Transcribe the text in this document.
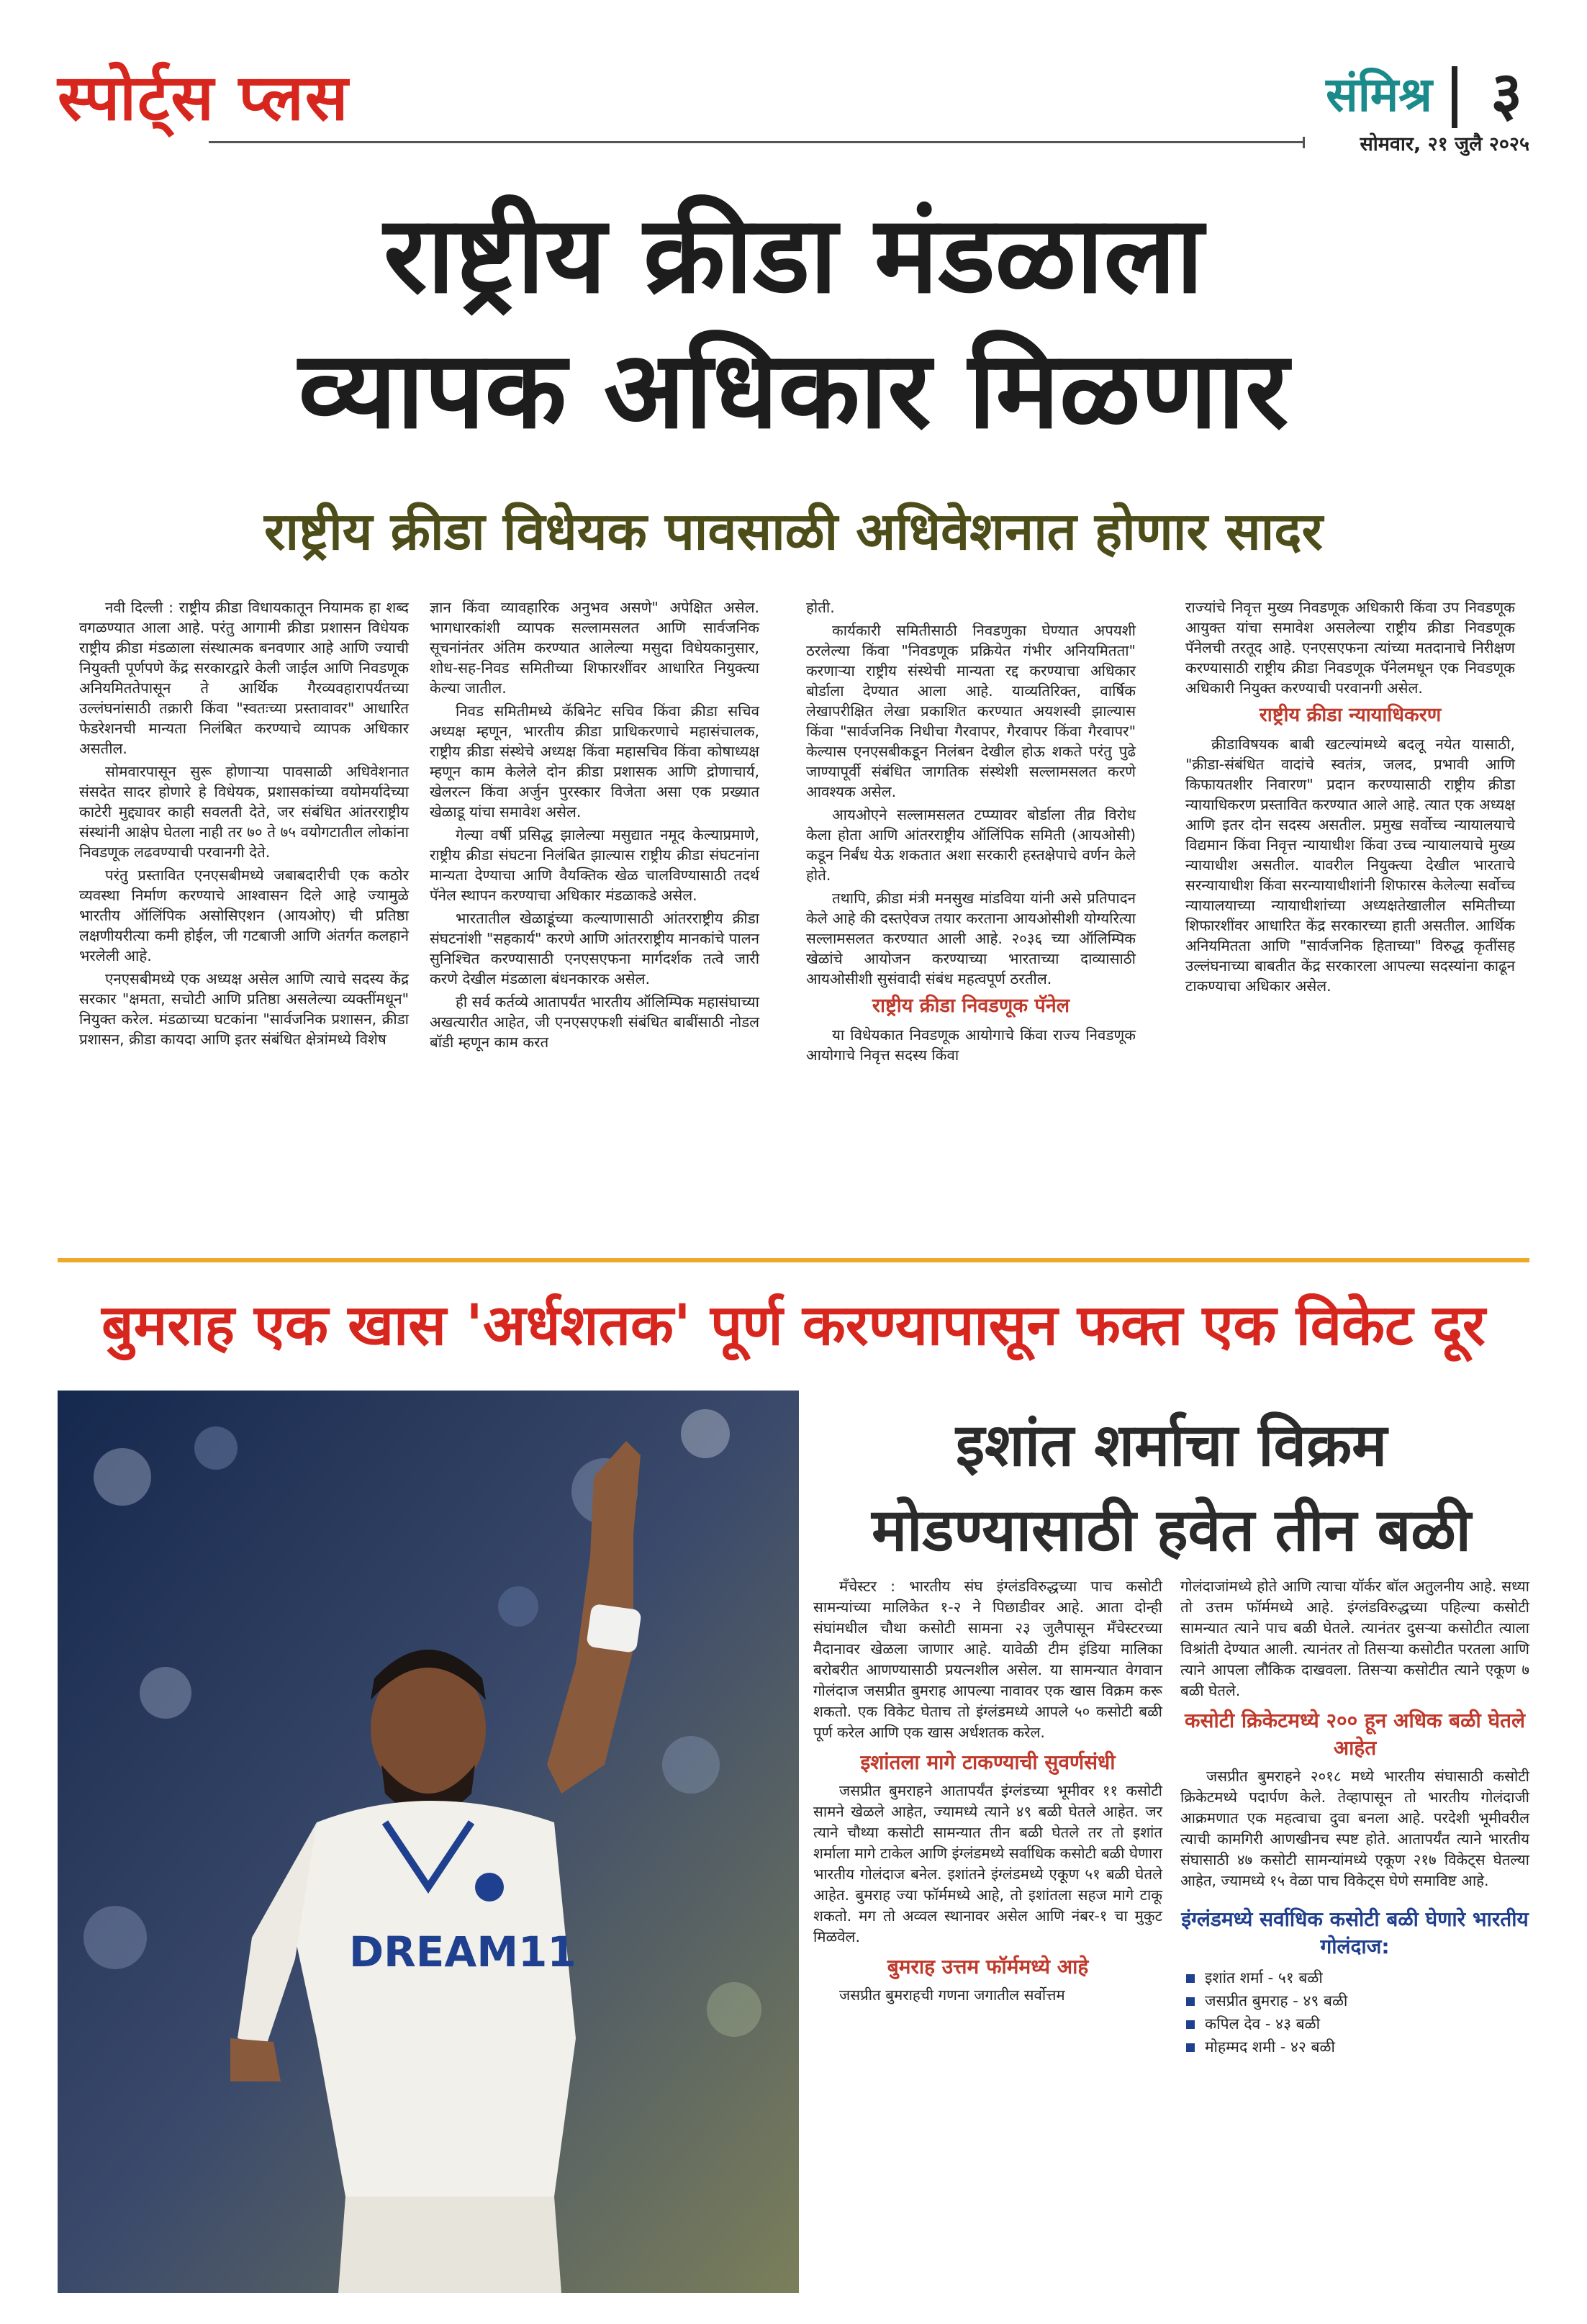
स्पोर्ट्स प्लस	संमिश्र ३
सोमवार, २१ जुलै २०२५
राष्ट्रीय क्रीडा मंडळाला
व्यापक अधिकार मिळणार
राष्ट्रीय क्रीडा विधेयक पावसाळी अधिवेशनात होणार सादर

नवी दिल्ली : राष्ट्रीय क्रीडा विधायकातून नियामक हा शब्द वगळण्यात आला आहे. परंतु आगामी क्रीडा प्रशासन विधेयक राष्ट्रीय क्रीडा मंडळाला संस्थात्मक बनवणार आहे आणि ज्याची नियुक्ती पूर्णपणे केंद्र सरकारद्वारे केली जाईल आणि निवडणूक अनियमिततेपासून ते आर्थिक गैरव्यवहारापर्यंतच्या उल्लंघनांसाठी तक्रारी किंवा "स्वतःच्या प्रस्तावावर" आधारित फेडरेशनची मान्यता निलंबित करण्याचे व्यापक अधिकार असतील.

सोमवारपासून सुरू होणाऱ्या पावसाळी अधिवेशनात संसदेत सादर होणारे हे विधेयक, प्रशासकांच्या वयोमर्यादेच्या काटेरी मुद्द्यावर काही सवलती देते, जर संबंधित आंतरराष्ट्रीय संस्थांनी आक्षेप घेतला नाही तर ७० ते ७५ वयोगटातील लोकांना निवडणूक लढवण्याची परवानगी देते.

परंतु प्रस्तावित एनएसबीमध्ये जबाबदारीची एक कठोर व्यवस्था निर्माण करण्याचे आश्वासन दिले आहे ज्यामुळे भारतीय ऑलिंपिक असोसिएशन (आयओए) ची प्रतिष्ठा लक्षणीयरीत्या कमी होईल, जी गटबाजी आणि अंतर्गत कलहाने भरलेली आहे.

एनएसबीमध्ये एक अध्यक्ष असेल आणि त्याचे सदस्य केंद्र सरकार "क्षमता, सचोटी आणि प्रतिष्ठा असलेल्या व्यक्तींमधून" नियुक्त करेल. मंडळाच्या घटकांना "सार्वजनिक प्रशासन, क्रीडा प्रशासन, क्रीडा कायदा आणि इतर संबंधित क्षेत्रांमध्ये विशेष

ज्ञान किंवा व्यावहारिक अनुभव असणे" अपेक्षित असेल. भागधारकांशी व्यापक सल्लामसलत आणि सार्वजनिक सूचनांनंतर अंतिम करण्यात आलेल्या मसुदा विधेयकानुसार, शोध-सह-निवड समितीच्या शिफारशींवर आधारित नियुक्त्या केल्या जातील.

निवड समितीमध्ये कॅबिनेट सचिव किंवा क्रीडा सचिव अध्यक्ष म्हणून, भारतीय क्रीडा प्राधिकरणाचे महासंचालक, राष्ट्रीय क्रीडा संस्थेचे अध्यक्ष किंवा महासचिव किंवा कोषाध्यक्ष म्हणून काम केलेले दोन क्रीडा प्रशासक आणि द्रोणाचार्य, खेलरत्न किंवा अर्जुन पुरस्कार विजेता असा एक प्रख्यात खेळाडू यांचा समावेश असेल.

गेल्या वर्षी प्रसिद्ध झालेल्या मसुद्यात नमूद केल्याप्रमाणे, राष्ट्रीय क्रीडा संघटना निलंबित झाल्यास राष्ट्रीय क्रीडा संघटनांना मान्यता देण्याचा आणि वैयक्तिक खेळ चालविण्यासाठी तदर्थ पॅनेल स्थापन करण्याचा अधिकार मंडळाकडे असेल.

भारतातील खेळाडूंच्या कल्याणासाठी आंतरराष्ट्रीय क्रीडा संघटनांशी "सहकार्य" करणे आणि आंतरराष्ट्रीय मानकांचे पालन सुनिश्चित करण्यासाठी एनएसएफना मार्गदर्शक तत्वे जारी करणे देखील मंडळाला बंधनकारक असेल.

ही सर्व कर्तव्ये आतापर्यंत भारतीय ऑलिम्पिक महासंघाच्या अखत्यारीत आहेत, जी एनएसएफशी संबंधित बाबींसाठी नोडल बॉडी म्हणून काम करत

होती.

कार्यकारी समितीसाठी निवडणुका घेण्यात अपयशी ठरलेल्या किंवा "निवडणूक प्रक्रियेत गंभीर अनियमितता" करणाऱ्या राष्ट्रीय संस्थेची मान्यता रद्द करण्याचा अधिकार बोर्डाला देण्यात आला आहे. याव्यतिरिक्त, वार्षिक लेखापरीक्षित लेखा प्रकाशित करण्यात अयशस्वी झाल्यास किंवा "सार्वजनिक निधीचा गैरवापर, गैरवापर किंवा गैरवापर" केल्यास एनएसबीकडून निलंबन देखील होऊ शकते परंतु पुढे जाण्यापूर्वी संबंधित जागतिक संस्थेशी सल्लामसलत करणे आवश्यक असेल.

आयओएने सल्लामसलत टप्प्यावर बोर्डाला तीव्र विरोध केला होता आणि आंतरराष्ट्रीय ऑलिंपिक समिती (आयओसी) कडून निर्बंध येऊ शकतात अशा सरकारी हस्तक्षेपाचे वर्णन केले होते.

तथापि, क्रीडा मंत्री मनसुख मांडविया यांनी असे प्रतिपादन केले आहे की दस्तऐवज तयार करताना आयओसीशी योग्यरित्या सल्लामसलत करण्यात आली आहे. २०३६ च्या ऑलिम्पिक खेळांचे आयोजन करण्याच्या भारताच्या दाव्यासाठी आयओसीशी सुसंवादी संबंध महत्वपूर्ण ठरतील.

राष्ट्रीय क्रीडा निवडणूक पॅनेल

या विधेयकात निवडणूक आयोगाचे किंवा राज्य निवडणूक आयोगाचे निवृत्त सदस्य किंवा

राज्यांचे निवृत्त मुख्य निवडणूक अधिकारी किंवा उप निवडणूक आयुक्त यांचा समावेश असलेल्या राष्ट्रीय क्रीडा निवडणूक पॅनेलची तरतूद आहे. एनएसएफना त्यांच्या मतदानाचे निरीक्षण करण्यासाठी राष्ट्रीय क्रीडा निवडणूक पॅनेलमधून एक निवडणूक अधिकारी नियुक्त करण्याची परवानगी असेल.

राष्ट्रीय क्रीडा न्यायाधिकरण

क्रीडाविषयक बाबी खटल्यांमध्ये बदलू नयेत यासाठी, "क्रीडा-संबंधित वादांचे स्वतंत्र, जलद, प्रभावी आणि किफायतशीर निवारण" प्रदान करण्यासाठी राष्ट्रीय क्रीडा न्यायाधिकरण प्रस्तावित करण्यात आले आहे. त्यात एक अध्यक्ष आणि इतर दोन सदस्य असतील. प्रमुख सर्वोच्च न्यायालयाचे विद्यमान किंवा निवृत्त न्यायाधीश किंवा उच्च न्यायालयाचे मुख्य न्यायाधीश असतील. यावरील नियुक्त्या देखील भारताचे सरन्यायाधीश किंवा सरन्यायाधीशांनी शिफारस केलेल्या सर्वोच्च न्यायालयाच्या न्यायाधीशांच्या अध्यक्षतेखालील समितीच्या शिफारशींवर आधारित केंद्र सरकारच्या हाती असतील. आर्थिक अनियमितता आणि "सार्वजनिक हिताच्या" विरुद्ध कृतींसह उल्लंघनाच्या बाबतीत केंद्र सरकारला आपल्या सदस्यांना काढून टाकण्याचा अधिकार असेल.

बुमराह एक खास 'अर्धशतक' पूर्ण करण्यापासून फक्त एक विकेट दूर
DREAM11
इशांत शर्माचा विक्रम
मोडण्यासाठी हवेत तीन बळी

मँचेस्टर : भारतीय संघ इंग्लंडविरुद्धच्या पाच कसोटी सामन्यांच्या मालिकेत १-२ ने पिछाडीवर आहे. आता दोन्ही संघांमधील चौथा कसोटी सामना २३ जुलैपासून मँचेस्टरच्या मैदानावर खेळला जाणार आहे. यावेळी टीम इंडिया मालिका बरोबरीत आणण्यासाठी प्रयत्नशील असेल. या सामन्यात वेगवान गोलंदाज जसप्रीत बुमराह आपल्या नावावर एक खास विक्रम करू शकतो. एक विकेट घेताच तो इंग्लंडमध्ये आपले ५० कसोटी बळी पूर्ण करेल आणि एक खास अर्धशतक करेल.

इशांतला मागे टाकण्याची सुवर्णसंधी

जसप्रीत बुमराहने आतापर्यंत इंग्लंडच्या भूमीवर ११ कसोटी सामने खेळले आहेत, ज्यामध्ये त्याने ४९ बळी घेतले आहेत. जर त्याने चौथ्या कसोटी सामन्यात तीन बळी घेतले तर तो इशांत शर्माला मागे टाकेल आणि इंग्लंडमध्ये सर्वाधिक कसोटी बळी घेणारा भारतीय गोलंदाज बनेल. इशांतने इंग्लंडमध्ये एकूण ५१ बळी घेतले आहेत. बुमराह ज्या फॉर्ममध्ये आहे, तो इशांतला सहज मागे टाकू शकतो. मग तो अव्वल स्थानावर असेल आणि नंबर-१ चा मुकुट मिळवेल.

बुमराह उत्तम फॉर्ममध्ये आहे

जसप्रीत बुमराहची गणना जगातील सर्वोत्तम

गोलंदाजांमध्ये होते आणि त्याचा यॉर्कर बॉल अतुलनीय आहे. सध्या तो उत्तम फॉर्ममध्ये आहे. इंग्लंडविरुद्धच्या पहिल्या कसोटी सामन्यात त्याने पाच बळी घेतले. त्यानंतर दुसऱ्या कसोटीत त्याला विश्रांती देण्यात आली. त्यानंतर तो तिसऱ्या कसोटीत परतला आणि त्याने आपला लौकिक दाखवला. तिसऱ्या कसोटीत त्याने एकूण ७ बळी घेतले.

कसोटी क्रिकेटमध्ये २०० हून अधिक बळी घेतले आहेत

जसप्रीत बुमराहने २०१८ मध्ये भारतीय संघासाठी कसोटी क्रिकेटमध्ये पदार्पण केले. तेव्हापासून तो भारतीय गोलंदाजी आक्रमणात एक महत्वाचा दुवा बनला आहे. परदेशी भूमीवरील त्याची कामगिरी आणखीनच स्पष्ट होते. आतापर्यंत त्याने भारतीय संघासाठी ४७ कसोटी सामन्यांमध्ये एकूण २१७ विकेट्स घेतल्या आहेत, ज्यामध्ये १५ वेळा पाच विकेट्स घेणे समाविष्ट आहे.

इंग्लंडमध्ये सर्वाधिक कसोटी बळी घेणारे भारतीय गोलंदाज:
इशांत शर्मा - ५१ बळी
जसप्रीत बुमराह - ४९ बळी
कपिल देव - ४३ बळी
मोहम्मद शमी - ४२ बळी
